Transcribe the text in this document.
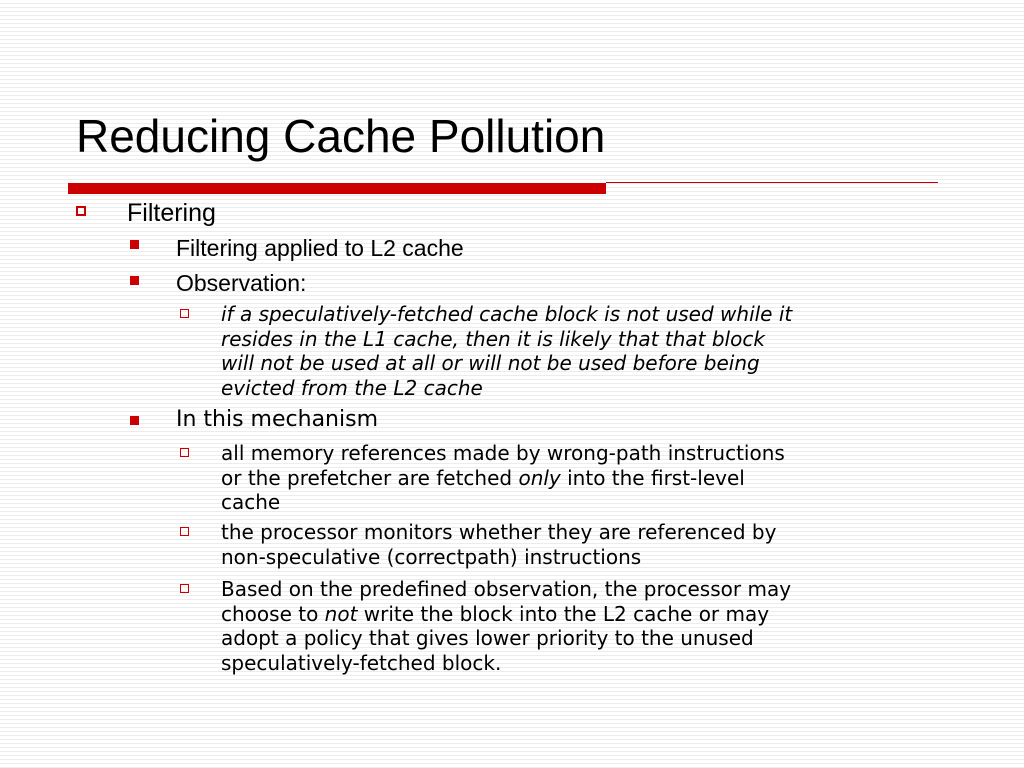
Reducing Cache Pollution
Filtering
Filtering applied to L2 cache
Observation:
if a speculatively-fetched cache block is not used while it
resides in the L1 cache, then it is likely that that block
will not be used at all or will not be used before being
evicted from the L2 cache
In this mechanism
all memory references made by wrong-path instructions
or the prefetcher are fetched only into the first-level
cache
the processor monitors whether they are referenced by
non-speculative (correctpath) instructions
Based on the predefined observation, the processor may
choose to not write the block into the L2 cache or may
adopt a policy that gives lower priority to the unused
speculatively-fetched block.
